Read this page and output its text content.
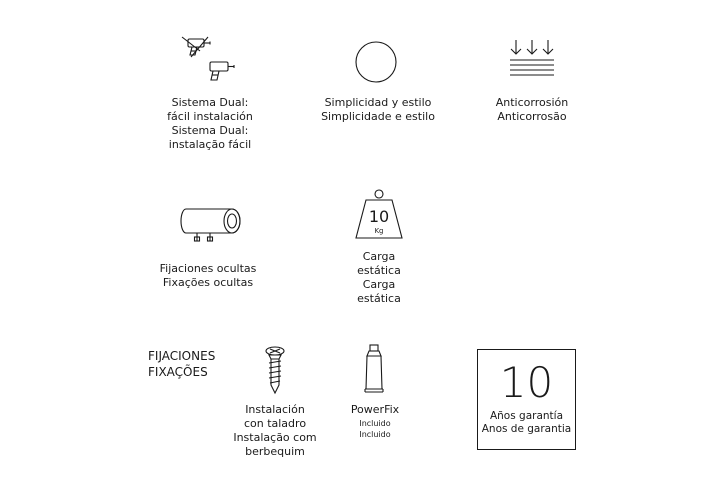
Sistema Dual:
fácil instalación
Sistema Dual:
instalação fácil
Simplicidad y estilo
Simplicidade e estilo
Anticorrosión
Anticorrosão
Fijaciones ocultas
Fixações ocultas
10
Kg
Carga
estática
Carga
estática
FIJACIONES
FIXAÇÕES
Instalación
con taladro
Instalação com
berbequim
PowerFix
Incluido
Incluido
10
Años garantía
Anos de garantia
